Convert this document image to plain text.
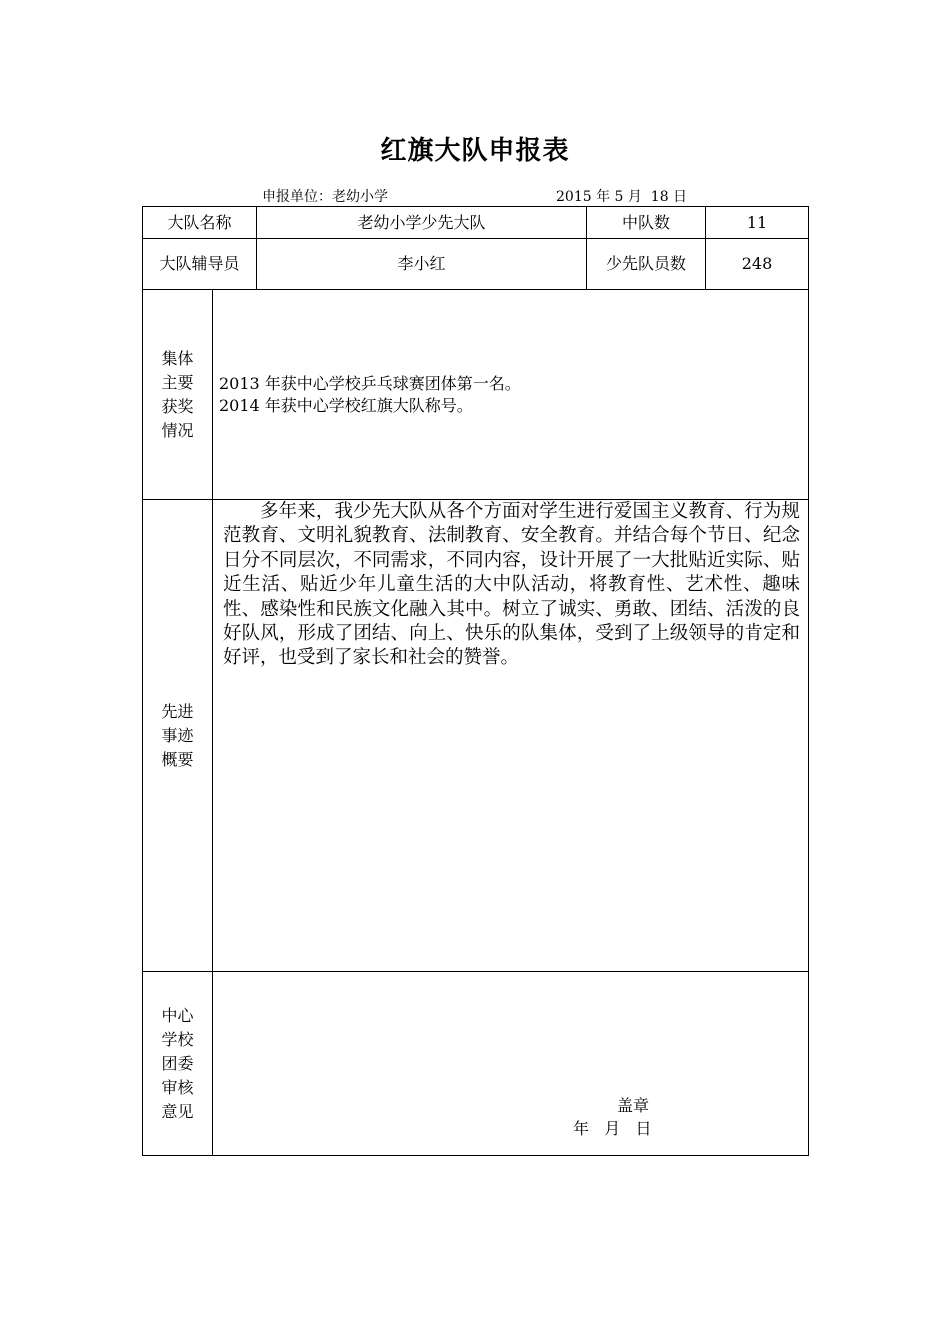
红旗大队申报表
申报单位：老幼小学	2015 年 5 月  18 日
大队名称		老幼小学少先大队	中队数	11
大队辅导员		李小红	少先队员数	248
集体主要获奖情况	2013 年获中心学校乒乓球赛团体第一名。
2014 年获中心学校红旗大队称号。			

先进事迹概要	多年来，我少先大队从各个方面对学生进行爱国主义教育、行为规范教育、文明礼貌教育、法制教育、安全教育。并结合每个节日、纪念日分不同层次，不同需求，不同内容，设计开展了一大批贴近实际、贴近生活、贴近少年儿童生活的大中队活动，将教育性、艺术性、趣味性、感染性和民族文化融入其中。树立了诚实、勇敢、团结、活泼的良好队风，形成了团结、向上、快乐的队集体，受到了上级领导的肯定和好评，也受到了家长和社会的赞誉。			

中心学校团委审核意见	盖章
年   月   日			
